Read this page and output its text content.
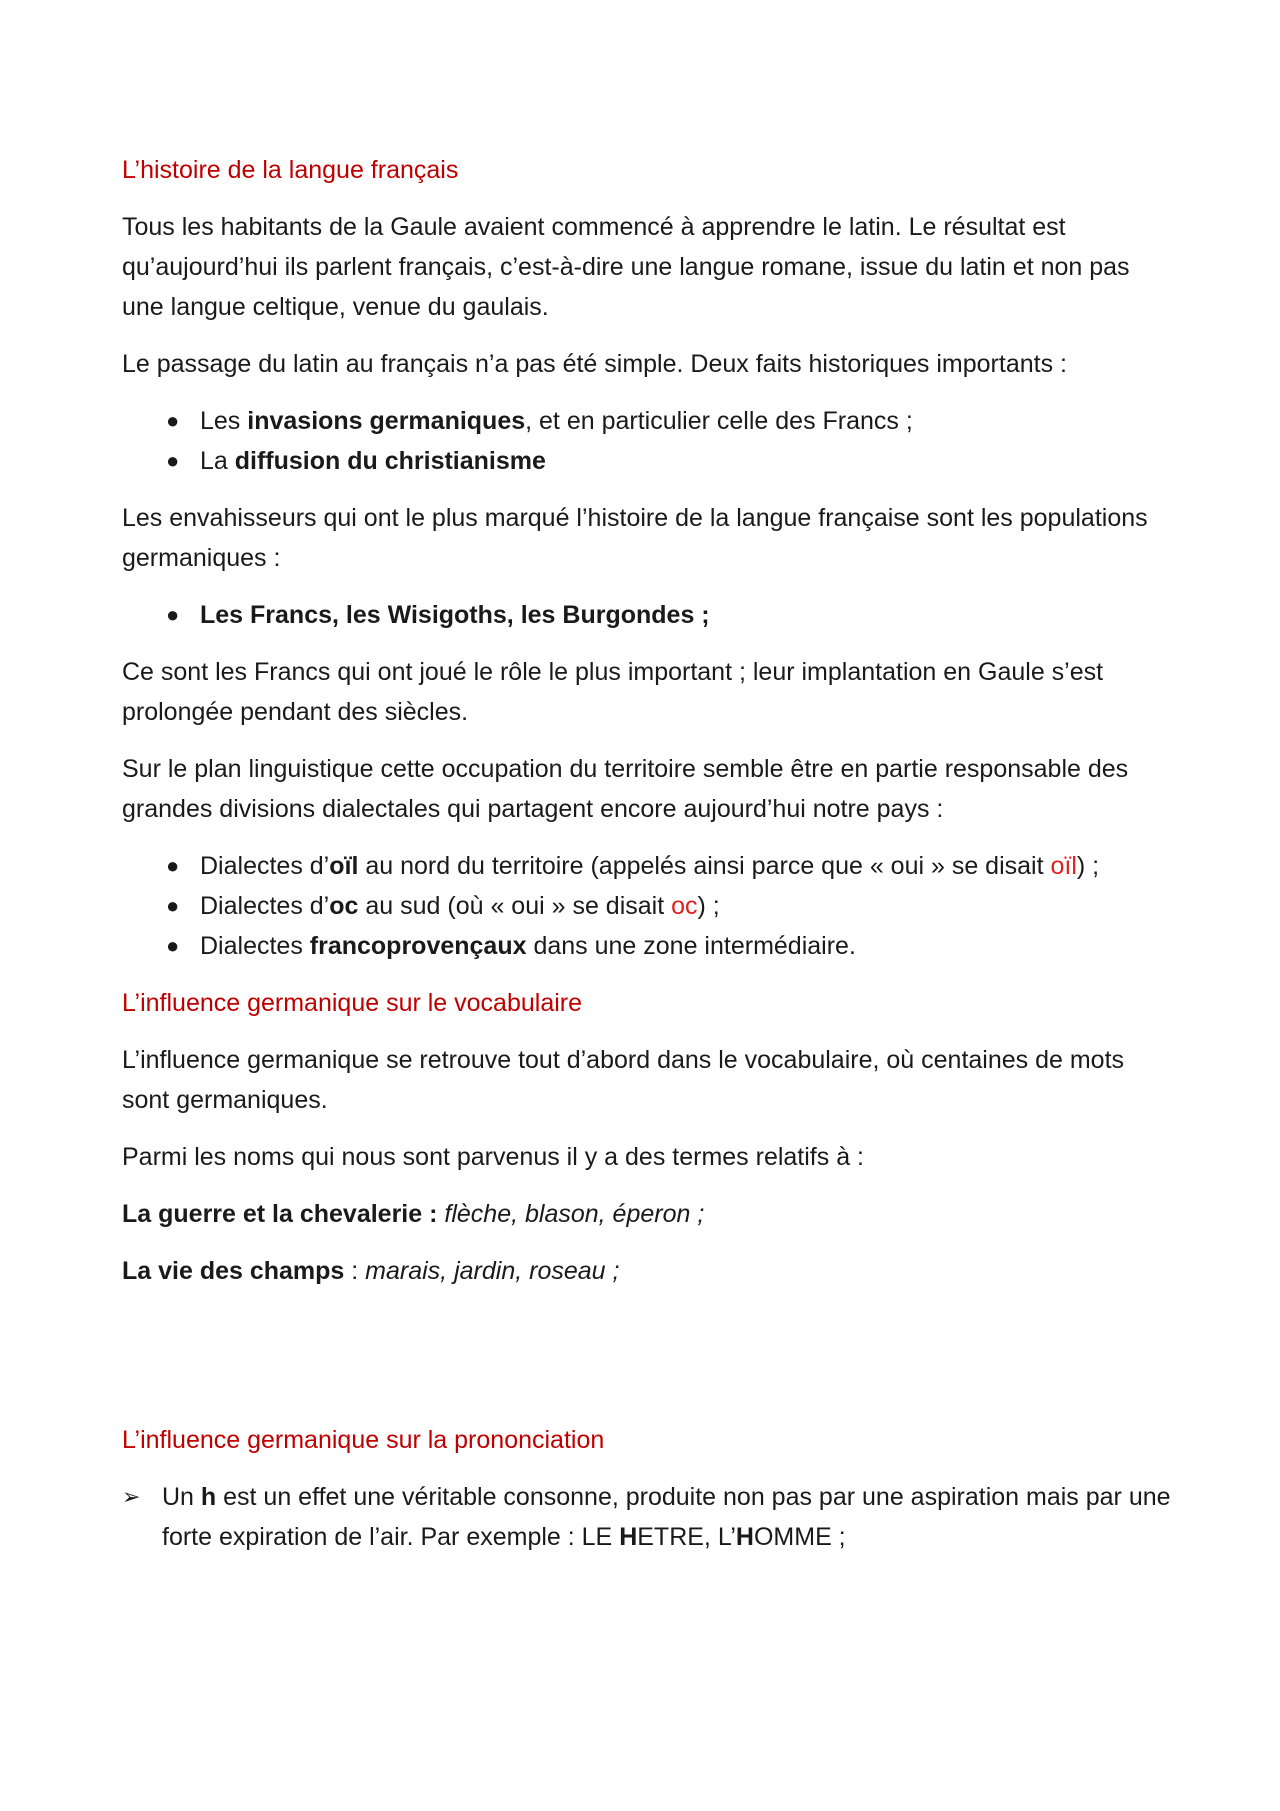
L’histoire de la langue français
Tous les habitants de la Gaule avaient commencé à apprendre le latin. Le résultat est qu’aujourd’hui ils parlent français, c’est-à-dire une langue romane, issue du latin et non pas une langue celtique, venue du gaulais.
Le passage du latin au français n’a pas été simple. Deux faits historiques importants :
● Les invasions germaniques, et en particulier celle des Francs ;
● La diffusion du christianisme
Les envahisseurs qui ont le plus marqué l’histoire de la langue française sont les populations germaniques :
● Les Francs, les Wisigoths, les Burgondes ;
Ce sont les Francs qui ont joué le rôle le plus important ; leur implantation en Gaule s’est prolongée pendant des siècles.
Sur le plan linguistique cette occupation du territoire semble être en partie responsable des grandes divisions dialectales qui partagent encore aujourd’hui notre pays :
● Dialectes d’oïl au nord du territoire (appelés ainsi parce que « oui » se disait oïl) ;
● Dialectes d’oc au sud (où « oui » se disait oc) ;
● Dialectes francoprovençaux dans une zone intermédiaire.
L’influence germanique sur le vocabulaire
L’influence germanique se retrouve tout d’abord dans le vocabulaire, où centaines de mots sont germaniques.
Parmi les noms qui nous sont parvenus il y a des termes relatifs à :
La guerre et la chevalerie : flèche, blason, éperon ;
La vie des champs : marais, jardin, roseau ;
L’influence germanique sur la prononciation
➢ Un h est un effet une véritable consonne, produite non pas par une aspiration mais par une forte expiration de l’air. Par exemple : LE HETRE, L’HOMME ;
